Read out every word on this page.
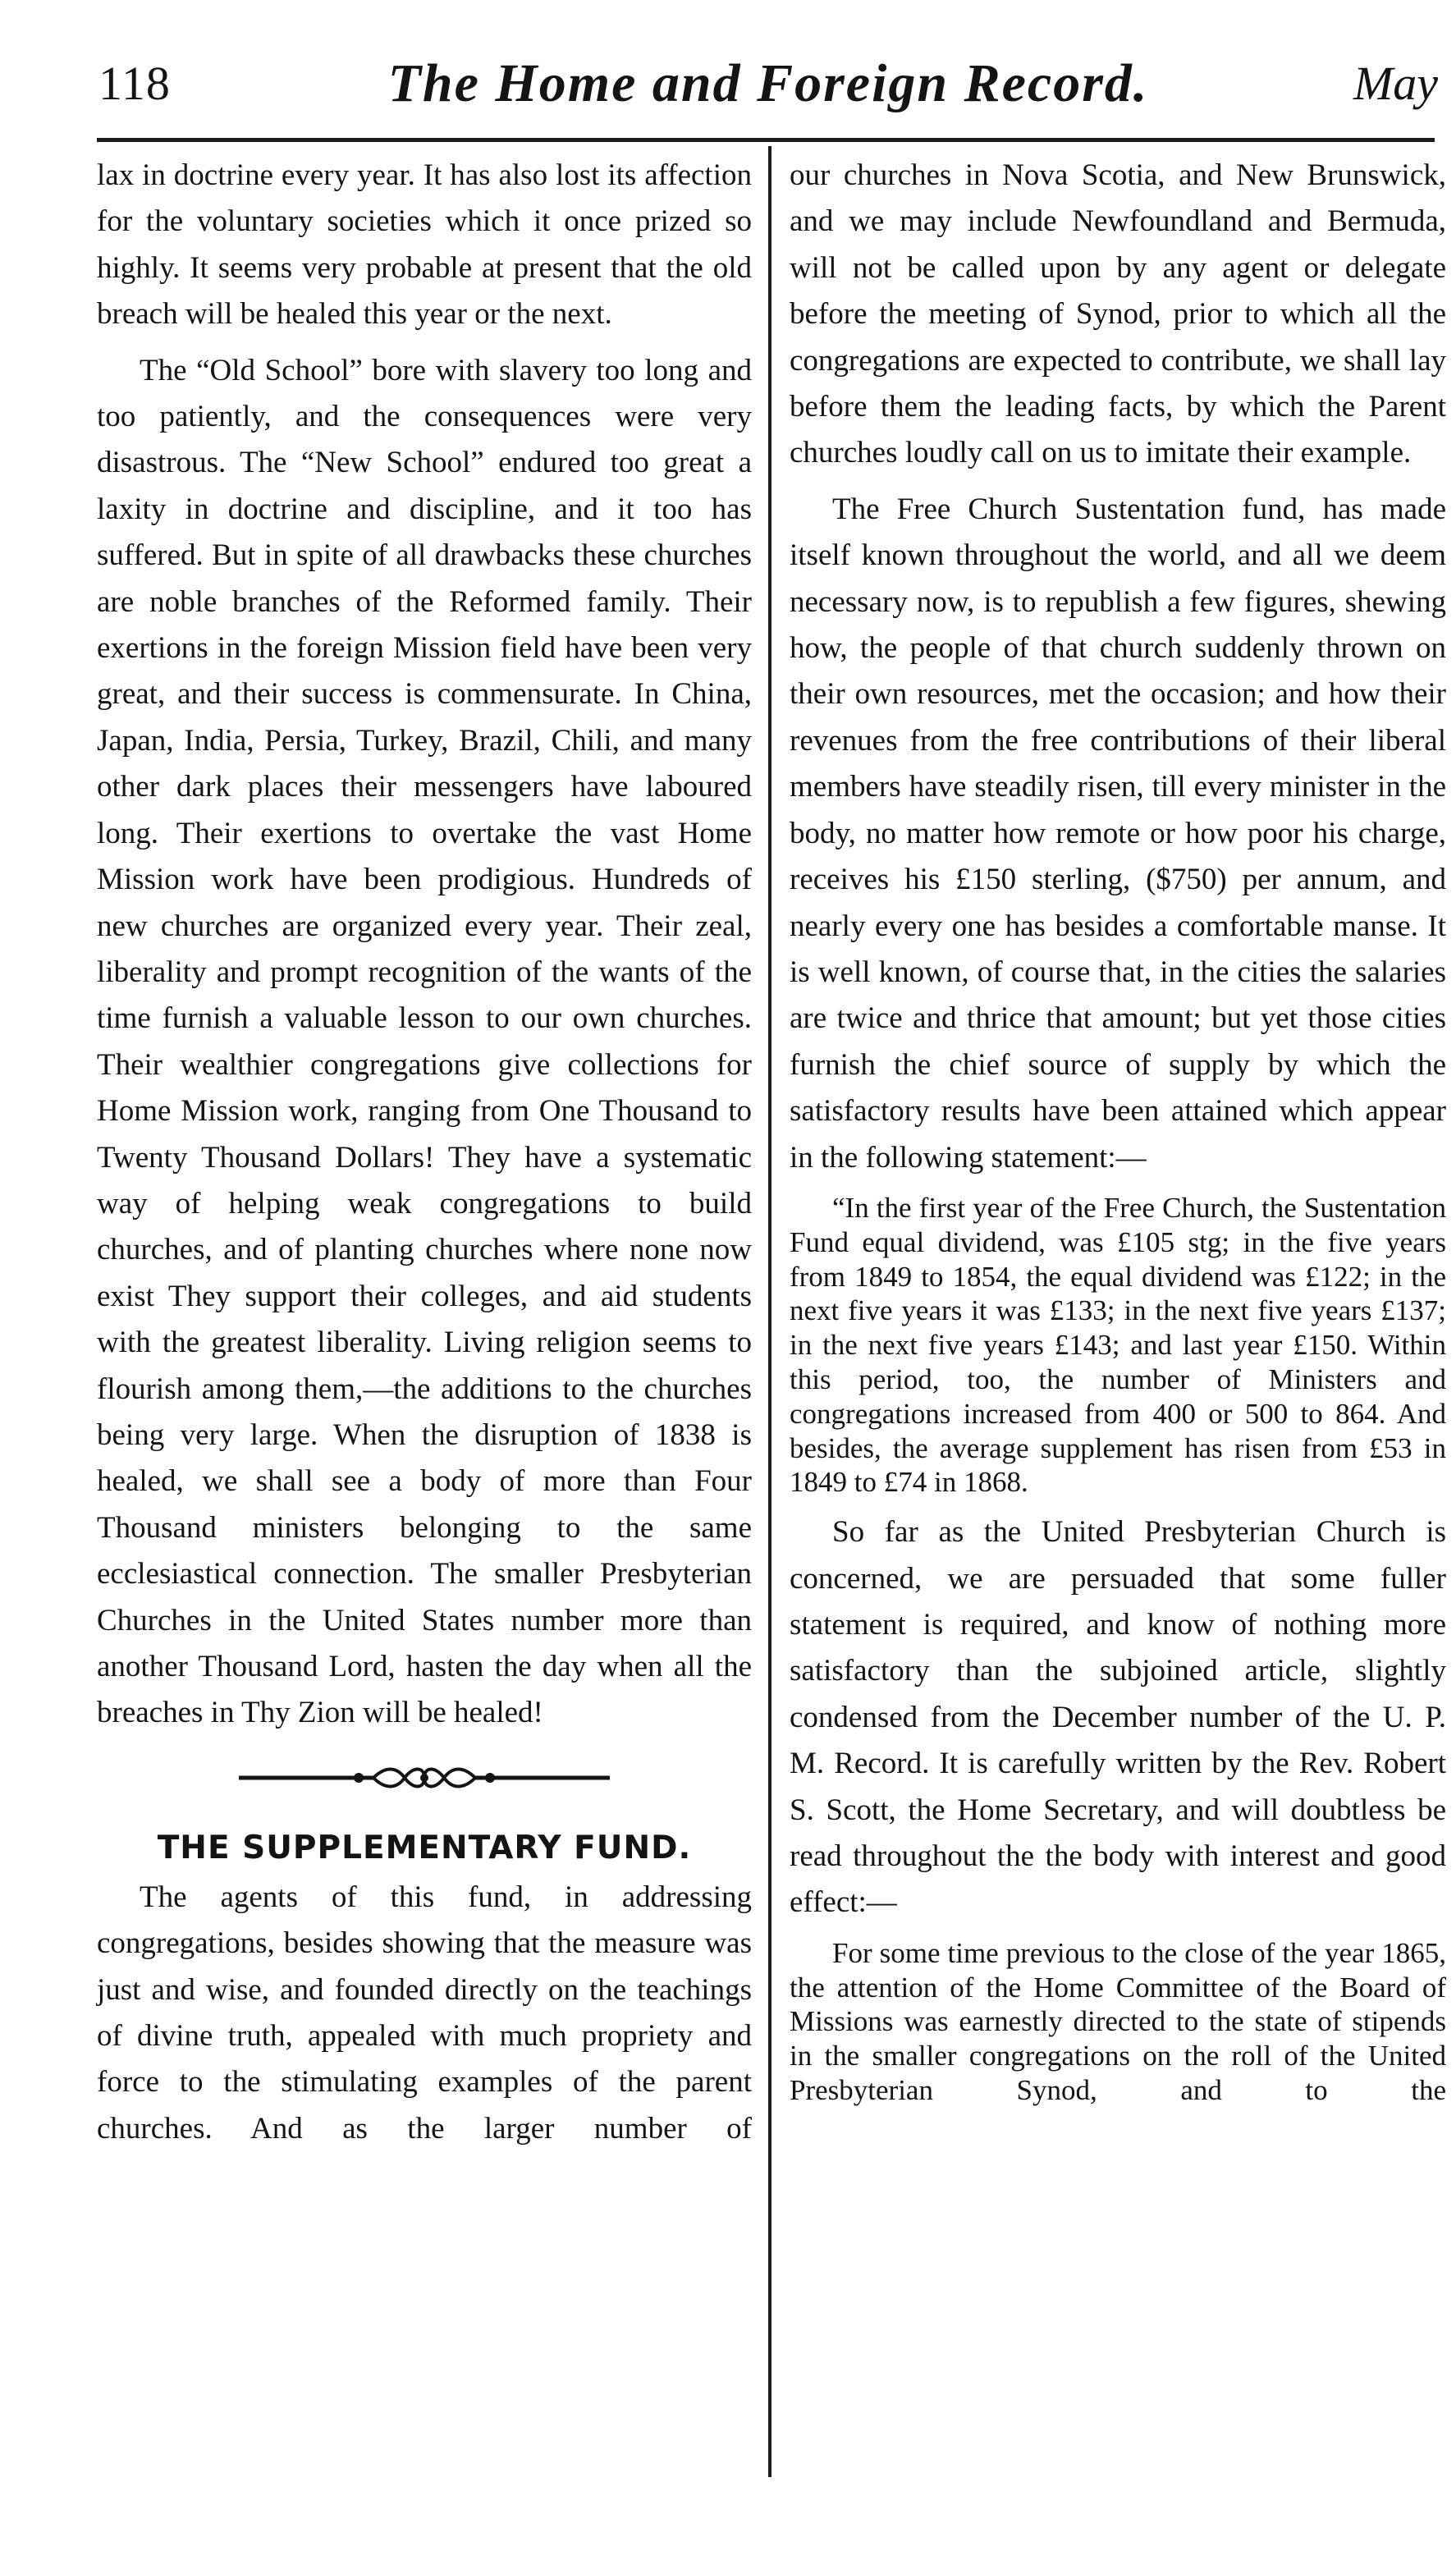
118	The Home and Foreign Record.	May

lax in doctrine every year. It has also lost its affection for the voluntary societies which it once prized so highly. It seems very probable at present that the old breach will be healed this year or the next.

The “Old School” bore with slavery too long and too patiently, and the consequences were very disastrous. The “New School” endured too great a laxity in doctrine and discipline, and it too has suffered. But in spite of all drawbacks these churches are noble branches of the Reformed family. Their exertions in the foreign Mission field have been very great, and their success is commensurate. In China, Japan, India, Persia, Turkey, Brazil, Chili, and many other dark places their messengers have laboured long. Their exertions to overtake the vast Home Mission work have been prodigious. Hundreds of new churches are organized every year. Their zeal, liberality and prompt recognition of the wants of the time furnish a valuable lesson to our own churches. Their wealthier congregations give collections for Home Mission work, ranging from One Thousand to Twenty Thousand Dollars! They have a systematic way of helping weak congregations to build churches, and of planting churches where none now exist They support their colleges, and aid students with the greatest liberality. Living religion seems to flourish among them,—the additions to the churches being very large. When the disruption of 1838 is healed, we shall see a body of more than Four Thousand ministers belonging to the same ecclesiastical connection. The smaller Presbyterian Churches in the United States number more than another Thousand Lord, hasten the day when all the breaches in Thy Zion will be healed!

THE SUPPLEMENTARY FUND.

The agents of this fund, in addressing congregations, besides showing that the measure was just and wise, and founded directly on the teachings of divine truth, appealed with much propriety and force to the stimulating examples of the parent churches. And as the larger number of

our churches in Nova Scotia, and New Brunswick, and we may include Newfoundland and Bermuda, will not be called upon by any agent or delegate before the meeting of Synod, prior to which all the congregations are expected to contribute, we shall lay before them the leading facts, by which the Parent churches loudly call on us to imitate their example.

The Free Church Sustentation fund, has made itself known throughout the world, and all we deem necessary now, is to republish a few figures, shewing how, the people of that church suddenly thrown on their own resources, met the occasion; and how their revenues from the free contributions of their liberal members have steadily risen, till every minister in the body, no matter how remote or how poor his charge, receives his £150 sterling, ($750) per annum, and nearly every one has besides a comfortable manse. It is well known, of course that, in the cities the salaries are twice and thrice that amount; but yet those cities furnish the chief source of supply by which the satisfactory results have been attained which appear in the following statement:—

“In the first year of the Free Church, the Sustentation Fund equal dividend, was £105 stg; in the five years from 1849 to 1854, the equal dividend was £122; in the next five years it was £133; in the next five years £137; in the next five years £143; and last year £150. Within this period, too, the number of Ministers and congregations increased from 400 or 500 to 864. And besides, the average supplement has risen from £53 in 1849 to £74 in 1868.

So far as the United Presbyterian Church is concerned, we are persuaded that some fuller statement is required, and know of nothing more satisfactory than the subjoined article, slightly condensed from the December number of the U. P. M. Record. It is carefully written by the Rev. Robert S. Scott, the Home Secretary, and will doubtless be read throughout the the body with interest and good effect:—

For some time previous to the close of the year 1865, the attention of the Home Committee of the Board of Missions was earnestly directed to the state of stipends in the smaller congregations on the roll of the United Presbyterian Synod, and to the
